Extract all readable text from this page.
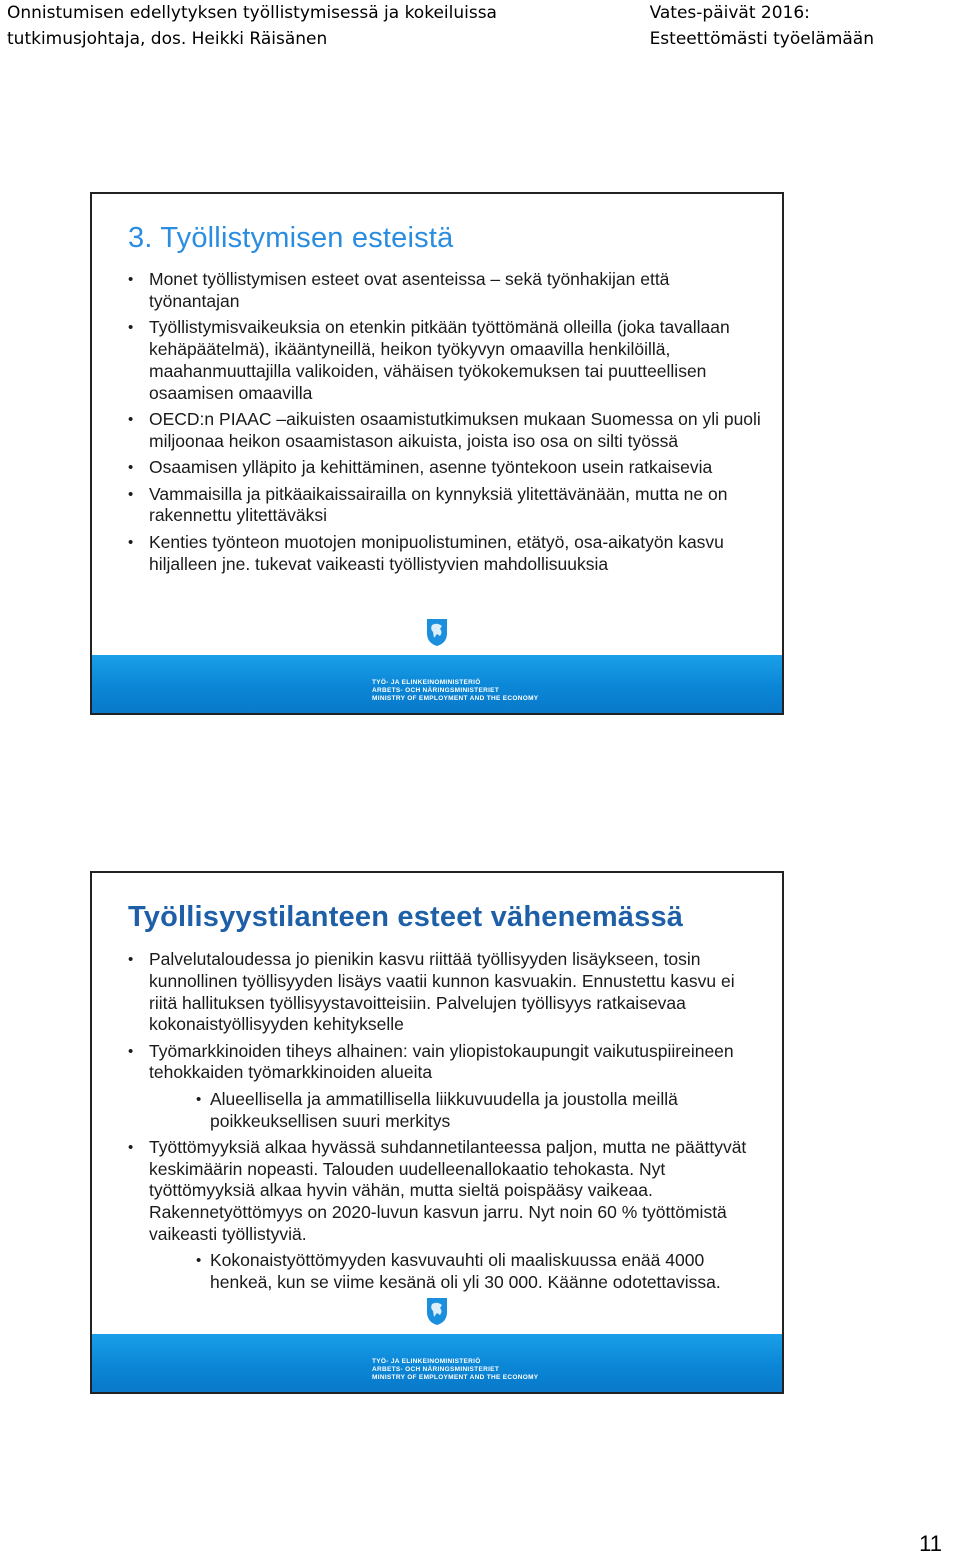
Onnistumisen edellytyksen työllistymisessä ja kokeiluissa
tutkimusjohtaja, dos. Heikki Räisänen
Vates-päivät 2016:
Esteettömästi työelämään
3. Työllistymisen esteistä
• Monet työllistymisen esteet ovat asenteissa – sekä työnhakijan että työnantajan
• Työllistymisvaikeuksia on etenkin pitkään työttömänä olleilla (joka tavallaan kehäpäätelmä), ikääntyneillä, heikon työkyvyn omaavilla henkilöillä, maahanmuuttajilla valikoiden, vähäisen työkokemuksen tai puutteellisen osaamisen omaavilla
• OECD:n PIAAC –aikuisten osaamistutkimuksen mukaan Suomessa on yli puoli miljoonaa heikon osaamistason aikuista, joista iso osa on silti työssä
• Osaamisen ylläpito ja kehittäminen, asenne työntekoon usein ratkaisevia
• Vammaisilla ja pitkäaikaissairailla on kynnyksiä ylitettävänään, mutta ne on rakennettu ylitettäväksi
• Kenties työnteon muotojen monipuolistuminen, etätyö, osa-aikatyön kasvu hiljalleen jne. tukevat vaikeasti työllistyvien mahdollisuuksia
TYÖ- JA ELINKEINOMINISTERIÖ
ARBETS- OCH NÄRINGSMINISTERIET
MINISTRY OF EMPLOYMENT AND THE ECONOMY
Työllisyystilanteen esteet vähenemässä
• Palvelutaloudessa jo pienikin kasvu riittää työllisyyden lisäykseen, tosin kunnollinen työllisyyden lisäys vaatii kunnon kasvuakin. Ennustettu kasvu ei riitä hallituksen työllisyystavoitteisiin. Palvelujen työllisyys ratkaisevaa kokonaistyöllisyyden kehitykselle
• Työmarkkinoiden tiheys alhainen: vain yliopistokaupungit vaikutuspiireineen tehokkaiden työmarkkinoiden alueita
• Alueellisella ja ammatillisella liikkuvuudella ja joustolla meillä poikkeuksellisen suuri merkitys
• Työttömyyksiä alkaa hyvässä suhdannetilanteessa paljon, mutta ne päättyvät keskimäärin nopeasti. Talouden uudelleenallokaatio tehokasta. Nyt työttömyyksiä alkaa hyvin vähän, mutta sieltä poispääsy vaikeaa. Rakennetyöttömyys on 2020-luvun kasvun jarru. Nyt noin 60 % työttömistä vaikeasti työllistyviä.
• Kokonaistyöttömyyden kasvuvauhti oli maaliskuussa enää 4000 henkeä, kun se viime kesänä oli yli 30 000. Käänne odotettavissa.
TYÖ- JA ELINKEINOMINISTERIÖ
ARBETS- OCH NÄRINGSMINISTERIET
MINISTRY OF EMPLOYMENT AND THE ECONOMY
11
